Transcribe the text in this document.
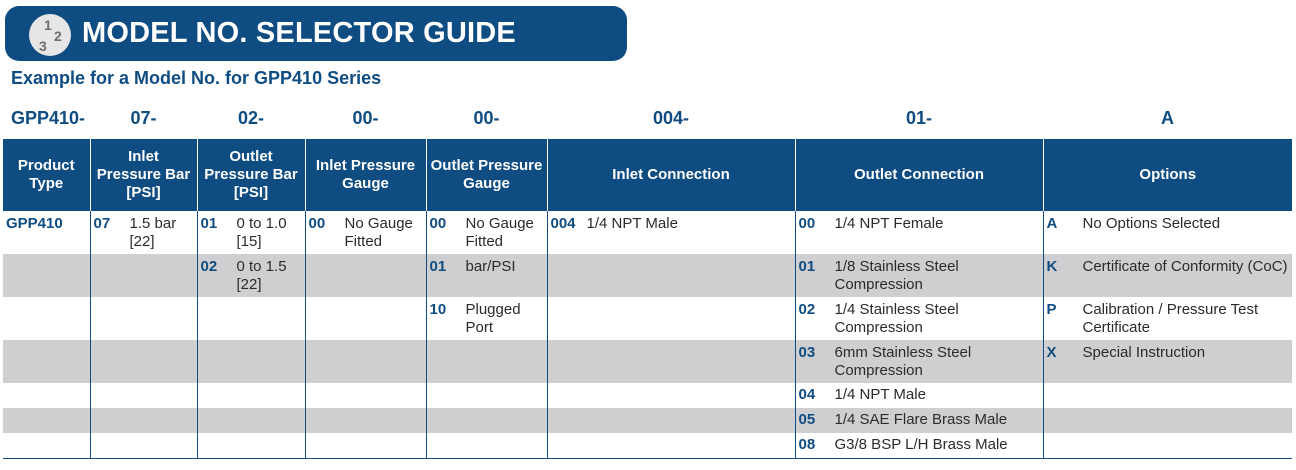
1
2
3 MODEL NO. SELECTOR GUIDE
Example for a Model No. for GPP410 Series
GPP410-	07-	02-	00-	00-	004-	01-	A
Product Type	Inlet Pressure Bar [PSI]	Outlet Pressure Bar [PSI]	Inlet Pressure Gauge	Outlet Pressure Gauge	Inlet Connection	Outlet Connection	Options
GPP410	07 1.5 bar [22]	01 0 to 1.0 [15]	00 No Gauge Fitted	00 No Gauge Fitted	004 1/4 NPT Male	00 1/4 NPT Female	A No Options Selected

		02 0 to 1.5 [22]		01 bar/PSI		01 1/8 Stainless Steel Compression	K Certificate of Conformity (CoC)

				10 Plugged Port		02 1/4 Stainless Steel Compression	P Calibration / Pressure Test Certificate

						03 6mm Stainless Steel Compression	X Special Instruction

						04 1/4 NPT Male	

						05 1/4 SAE Flare Brass Male	

						08 G3/8 BSP L/H Brass Male	
